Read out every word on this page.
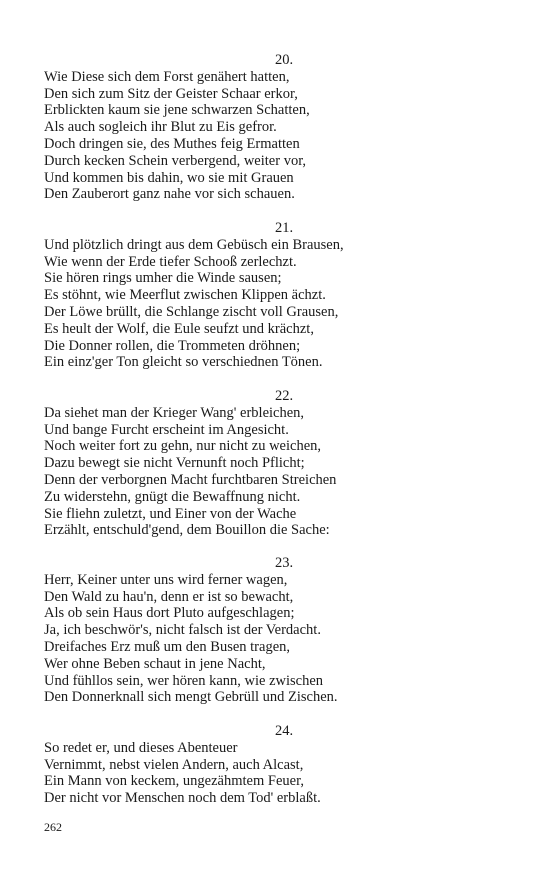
20.
Wie Diese sich dem Forst genähert hatten,
Den sich zum Sitz der Geister Schaar erkor,
Erblickten kaum sie jene schwarzen Schatten,
Als auch sogleich ihr Blut zu Eis gefror.
Doch dringen sie, des Muthes feig Ermatten
Durch kecken Schein verbergend, weiter vor,
Und kommen bis dahin, wo sie mit Grauen
Den Zauberort ganz nahe vor sich schauen.
21.
Und plötzlich dringt aus dem Gebüsch ein Brausen,
Wie wenn der Erde tiefer Schooß zerlechzt.
Sie hören rings umher die Winde sausen;
Es stöhnt, wie Meerflut zwischen Klippen ächzt.
Der Löwe brüllt, die Schlange zischt voll Grausen,
Es heult der Wolf, die Eule seufzt und krächzt,
Die Donner rollen, die Trommeten dröhnen;
Ein einz'ger Ton gleicht so verschiednen Tönen.
22.
Da siehet man der Krieger Wang' erbleichen,
Und bange Furcht erscheint im Angesicht.
Noch weiter fort zu gehn, nur nicht zu weichen,
Dazu bewegt sie nicht Vernunft noch Pflicht;
Denn der verborgnen Macht furchtbaren Streichen
Zu widerstehn, gnügt die Bewaffnung nicht.
Sie fliehn zuletzt, und Einer von der Wache
Erzählt, entschuld'gend, dem Bouillon die Sache:
23.
Herr, Keiner unter uns wird ferner wagen,
Den Wald zu hau'n, denn er ist so bewacht,
Als ob sein Haus dort Pluto aufgeschlagen;
Ja, ich beschwör's, nicht falsch ist der Verdacht.
Dreifaches Erz muß um den Busen tragen,
Wer ohne Beben schaut in jene Nacht,
Und fühllos sein, wer hören kann, wie zwischen
Den Donnerknall sich mengt Gebrüll und Zischen.
24.
So redet er, und dieses Abenteuer
Vernimmt, nebst vielen Andern, auch Alcast,
Ein Mann von keckem, ungezähmtem Feuer,
Der nicht vor Menschen noch dem Tod' erblaßt.
262
